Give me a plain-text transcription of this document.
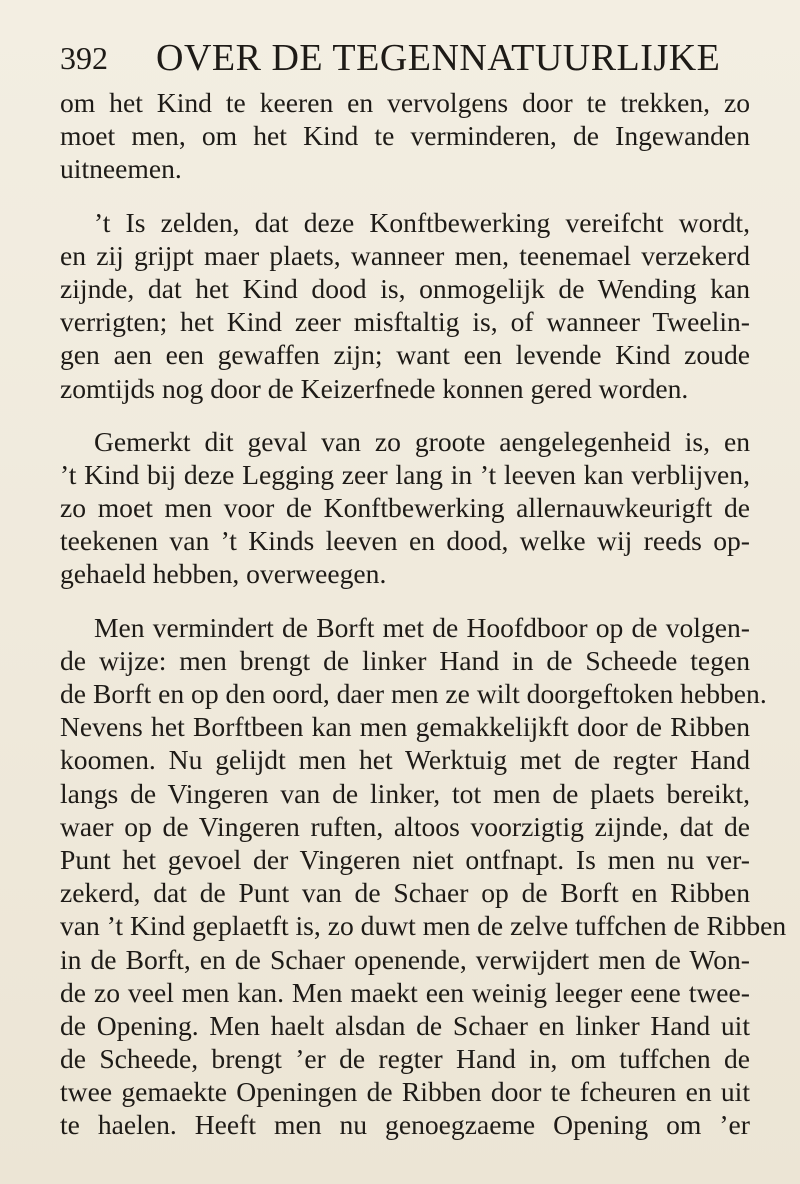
392 OVER DE TEGENNATUURLIJKE
om het Kind te keeren en vervolgens door te trekken, zo
moet men, om het Kind te verminderen, de Ingewanden
uitneemen.
’t Is zelden, dat deze Konftbewerking vereifcht wordt,
en zij grijpt maer plaets, wanneer men, teenemael verzekerd
zijnde, dat het Kind dood is, onmogelijk de Wending kan
verrigten; het Kind zeer misftaltig is, of wanneer Tweelin-
gen aen een gewaffen zijn; want een levende Kind zoude
zomtijds nog door de Keizerfnede konnen gered worden.
Gemerkt dit geval van zo groote aengelegenheid is, en
’t Kind bij deze Legging zeer lang in ’t leeven kan verblijven,
zo moet men voor de Konftbewerking allernauwkeurigft de
teekenen van ’t Kinds leeven en dood, welke wij reeds op-
gehaeld hebben, overweegen.
Men vermindert de Borft met de Hoofdboor op de volgen-
de wijze: men brengt de linker Hand in de Scheede tegen
de Borft en op den oord, daer men ze wilt doorgeftoken hebben.
Nevens het Borftbeen kan men gemakkelijkft door de Ribben
koomen. Nu gelijdt men het Werktuig met de regter Hand
langs de Vingeren van de linker, tot men de plaets bereikt,
waer op de Vingeren ruften, altoos voorzigtig zijnde, dat de
Punt het gevoel der Vingeren niet ontfnapt. Is men nu ver-
zekerd, dat de Punt van de Schaer op de Borft en Ribben
van ’t Kind geplaetft is, zo duwt men de zelve tuffchen de Ribben
in de Borft, en de Schaer openende, verwijdert men de Won-
de zo veel men kan. Men maekt een weinig leeger eene twee-
de Opening. Men haelt alsdan de Schaer en linker Hand uit
de Scheede, brengt ’er de regter Hand in, om tuffchen de
twee gemaekte Openingen de Ribben door te fcheuren en uit
te haelen. Heeft men nu genoegzaeme Opening om ’er
